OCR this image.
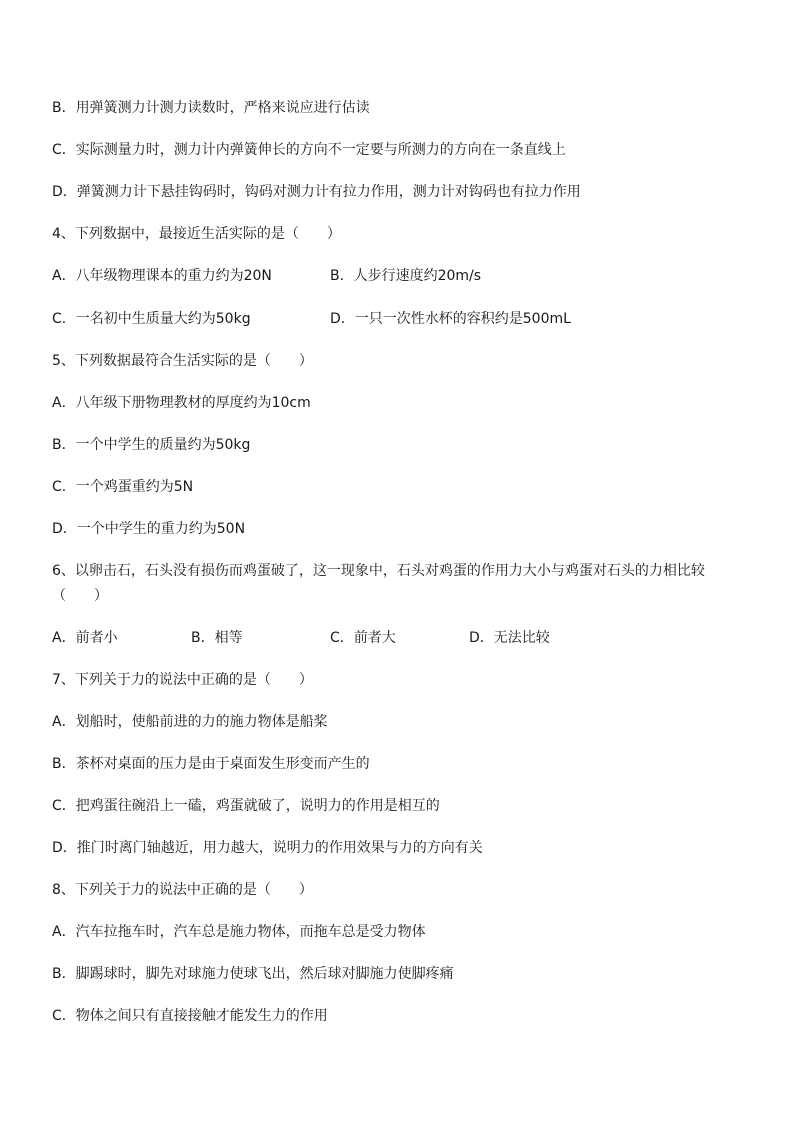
B．用弹簧测力计测力读数时，严格来说应进行估读
C．实际测量力时，测力计内弹簧伸长的方向不一定要与所测力的方向在一条直线上
D．弹簧测力计下悬挂钩码时，钩码对测力计有拉力作用，测力计对钩码也有拉力作用
4、下列数据中，最接近生活实际的是（　　）
A．八年级物理课本的重力约为20N	B．人步行速度约20m/s
C．一名初中生质量大约为50kg	D．一只一次性水杯的容积约是500mL
5、下列数据最符合生活实际的是（　　）
A．八年级下册物理教材的厚度约为10cm
B．一个中学生的质量约为50kg
C．一个鸡蛋重约为5N
D．一个中学生的重力约为50N
6、以卵击石，石头没有损伤而鸡蛋破了，这一现象中，石头对鸡蛋的作用力大小与鸡蛋对石头的力相比较
（　　）
A．前者小	B．相等	C．前者大	D．无法比较
7、下列关于力的说法中正确的是（　　）
A．划船时，使船前进的力的施力物体是船桨
B．茶杯对桌面的压力是由于桌面发生形变而产生的
C．把鸡蛋往碗沿上一磕，鸡蛋就破了，说明力的作用是相互的
D．推门时离门轴越近，用力越大，说明力的作用效果与力的方向有关
8、下列关于力的说法中正确的是（　　）
A．汽车拉拖车时，汽车总是施力物体，而拖车总是受力物体
B．脚踢球时，脚先对球施力使球飞出，然后球对脚施力使脚疼痛
C．物体之间只有直接接触才能发生力的作用
